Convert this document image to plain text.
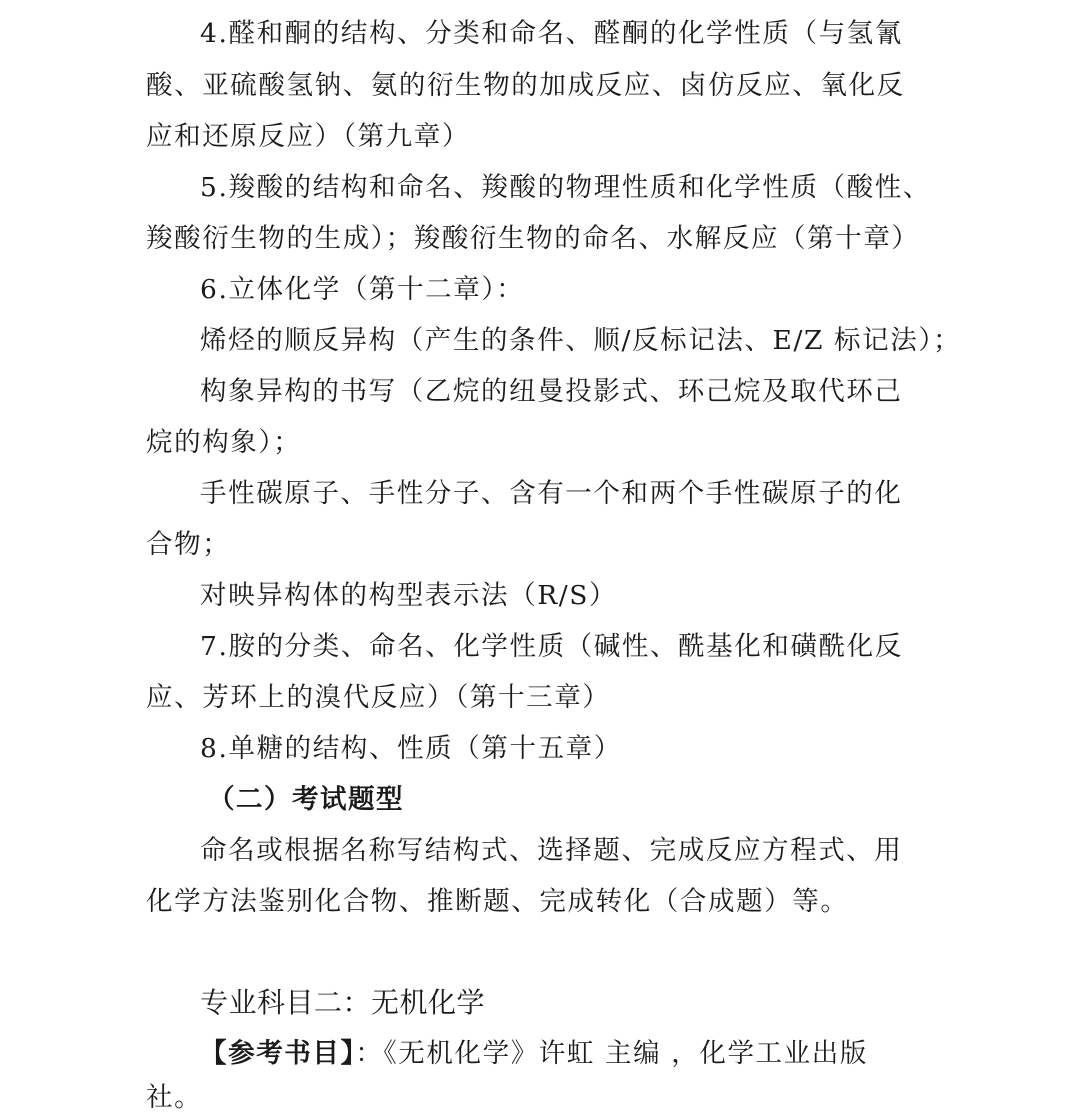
4.醛和酮的结构、分类和命名、醛酮的化学性质（与氢氰
酸、亚硫酸氢钠、氨的衍生物的加成反应、卤仿反应、氧化反
应和还原反应）（第九章）
5.羧酸的结构和命名、羧酸的物理性质和化学性质（酸性、
羧酸衍生物的生成）；羧酸衍生物的命名、水解反应（第十章）
6.立体化学（第十二章）：
烯烃的顺反异构（产生的条件、顺/反标记法、E/Z 标记法）；
构象异构的书写（乙烷的纽曼投影式、环己烷及取代环己
烷的构象）；
手性碳原子、手性分子、含有一个和两个手性碳原子的化
合物；
对映异构体的构型表示法（R/S）
7.胺的分类、命名、化学性质（碱性、酰基化和磺酰化反
应、芳环上的溴代反应）（第十三章）
8.单糖的结构、性质（第十五章）
（二）考试题型
命名或根据名称写结构式、选择题、完成反应方程式、用
化学方法鉴别化合物、推断题、完成转化（合成题）等。
专业科目二：无机化学
【参考书目】：《无机化学》许虹 主编 ，化学工业出版
社。
